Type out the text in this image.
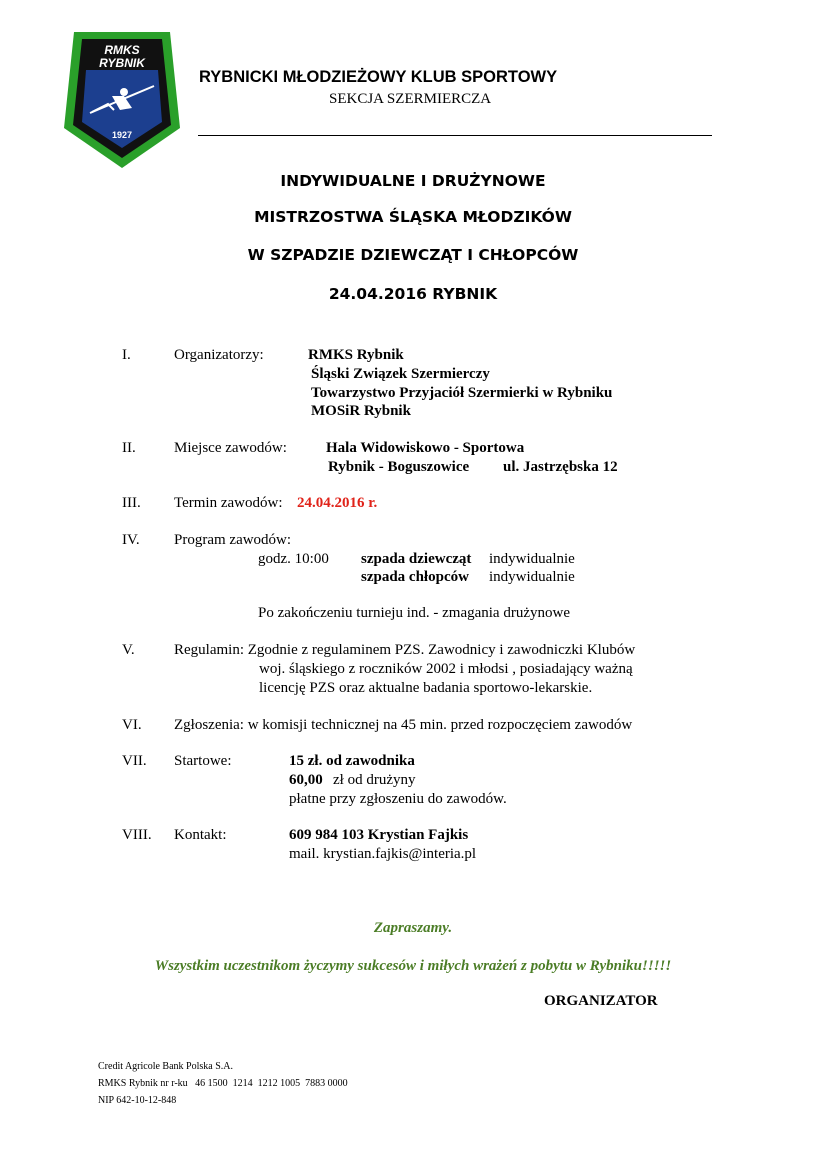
RMKS
RYBNIK
1927
RYBNICKI MŁODZIEŻOWY KLUB SPORTOWY
SEKCJA SZERMIERCZA
INDYWIDUALNE I DRUŻYNOWE
MISTRZOSTWA ŚLĄSKA MŁODZIKÓW
W SZPADZIE DZIEWCZĄT I CHŁOPCÓW
24.04.2016 RYBNIK
I.	Organizatorzy:	RMKS Rybnik
Śląski Związek Szermierczy
Towarzystwo Przyjaciół Szermierki w Rybniku
MOSiR Rybnik
II.	Miejsce zawodów:	Hala Widowiskowo - Sportowa
Rybnik - Boguszowice ul. Jastrzębska 12
III. Termin zawodów: 24.04.2016 r.
IV. Program zawodów:
godz. 10:00 szpada dziewcząt indywidualnie
szpada chłopców indywidualnie
Po zakończeniu turnieju ind. - zmagania drużynowe
V.	Regulamin: Zgodnie z regulaminem PZS. Zawodnicy i zawodniczki Klubów
woj. śląskiego z roczników 2002 i młodsi , posiadający ważną
licencję PZS oraz aktualne badania sportowo-lekarskie.
VI. Zgłoszenia: w komisji technicznej na 45 min. przed rozpoczęciem zawodów
VII. Startowe:	15 zł. od zawodnika
60,00 zł od drużyny
płatne przy zgłoszeniu do zawodów.
VIII. Kontakt:	609 984 103 Krystian Fajkis
mail. krystian.fajkis@interia.pl
Zapraszamy.
Wszystkim uczestnikom życzymy sukcesów i miłych wrażeń z pobytu w Rybniku!!!!!
ORGANIZATOR
Credit Agricole Bank Polska S.A.
RMKS Rybnik nr r-ku   46 1500  1214  1212 1005  7883 0000
NIP 642-10-12-848
